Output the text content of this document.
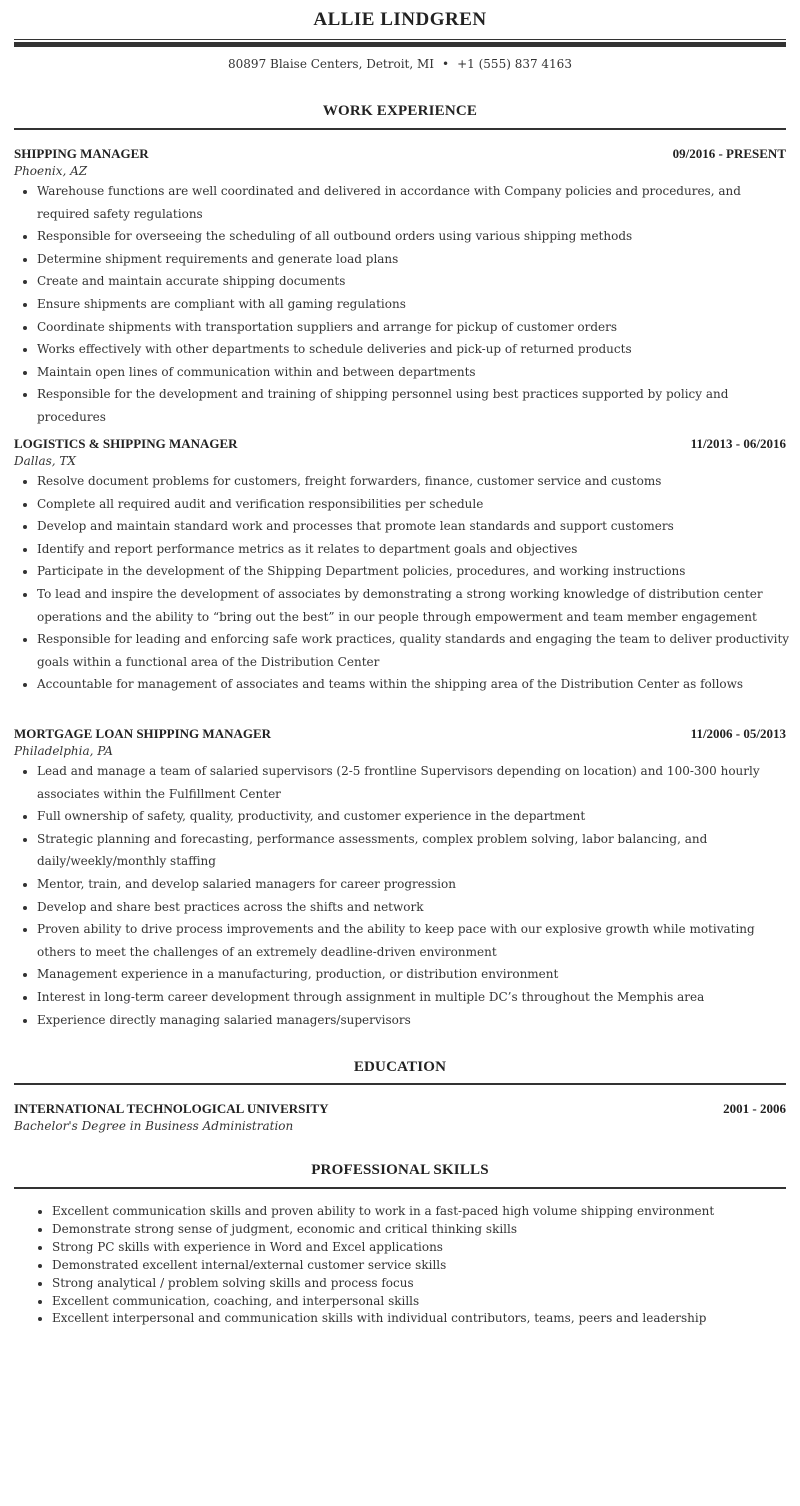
ALLIE LINDGREN
80897 Blaise Centers, Detroit, MI • +1 (555) 837 4163
WORK EXPERIENCE
SHIPPING MANAGER	09/2016 - PRESENT
Phoenix, AZ
• Warehouse functions are well coordinated and delivered in accordance with Company policies and procedures, and required safety regulations
• Responsible for overseeing the scheduling of all outbound orders using various shipping methods
• Determine shipment requirements and generate load plans
• Create and maintain accurate shipping documents
• Ensure shipments are compliant with all gaming regulations
• Coordinate shipments with transportation suppliers and arrange for pickup of customer orders
• Works effectively with other departments to schedule deliveries and pick-up of returned products
• Maintain open lines of communication within and between departments
• Responsible for the development and training of shipping personnel using best practices supported by policy and procedures
LOGISTICS & SHIPPING MANAGER	11/2013 - 06/2016
Dallas, TX
• Resolve document problems for customers, freight forwarders, finance, customer service and customs
• Complete all required audit and verification responsibilities per schedule
• Develop and maintain standard work and processes that promote lean standards and support customers
• Identify and report performance metrics as it relates to department goals and objectives
• Participate in the development of the Shipping Department policies, procedures, and working instructions
• To lead and inspire the development of associates by demonstrating a strong working knowledge of distribution center operations and the ability to “bring out the best” in our people through empowerment and team member engagement
• Responsible for leading and enforcing safe work practices, quality standards and engaging the team to deliver productivity goals within a functional area of the Distribution Center
• Accountable for management of associates and teams within the shipping area of the Distribution Center as follows
MORTGAGE LOAN SHIPPING MANAGER	11/2006 - 05/2013
Philadelphia, PA
• Lead and manage a team of salaried supervisors (2-5 frontline Supervisors depending on location) and 100-300 hourly associates within the Fulfillment Center
• Full ownership of safety, quality, productivity, and customer experience in the department
• Strategic planning and forecasting, performance assessments, complex problem solving, labor balancing, and daily/weekly/monthly staffing
• Mentor, train, and develop salaried managers for career progression
• Develop and share best practices across the shifts and network
• Proven ability to drive process improvements and the ability to keep pace with our explosive growth while motivating others to meet the challenges of an extremely deadline-driven environment
• Management experience in a manufacturing, production, or distribution environment
• Interest in long-term career development through assignment in multiple DC’s throughout the Memphis area
• Experience directly managing salaried managers/supervisors
EDUCATION
INTERNATIONAL TECHNOLOGICAL UNIVERSITY	2001 - 2006
Bachelor's Degree in Business Administration
PROFESSIONAL SKILLS
• Excellent communication skills and proven ability to work in a fast-paced high volume shipping environment
• Demonstrate strong sense of judgment, economic and critical thinking skills
• Strong PC skills with experience in Word and Excel applications
• Demonstrated excellent internal/external customer service skills
• Strong analytical / problem solving skills and process focus
• Excellent communication, coaching, and interpersonal skills
• Excellent interpersonal and communication skills with individual contributors, teams, peers and leadership
